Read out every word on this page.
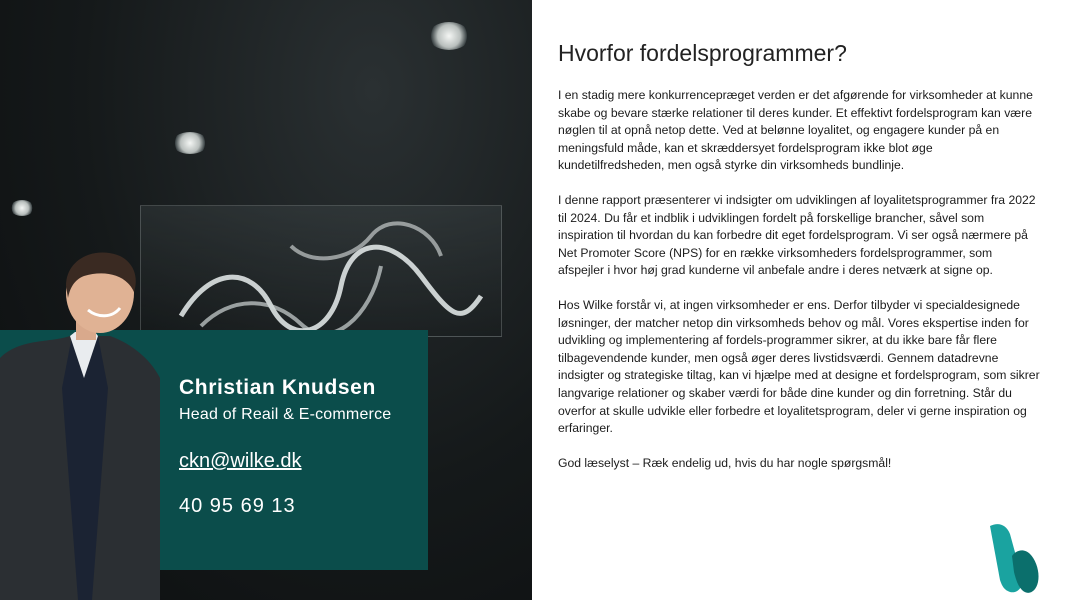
Christian Knudsen
Head of Reail & E-commerce
ckn@wilke.dk
40 95 69 13
Hvorfor fordelsprogrammer?

I en stadig mere konkurrencepræget verden er det afgørende for virksomheder at kunne skabe og bevare stærke relationer til deres kunder. Et effektivt fordelsprogram kan være nøglen til at opnå netop dette. Ved at belønne loyalitet, og engagere kunder på en meningsfuld måde, kan et skræddersyet fordelsprogram ikke blot øge kundetilfredsheden, men også styrke din virksomheds bundlinje.

I denne rapport præsenterer vi indsigter om udviklingen af loyalitetsprogrammer fra 2022 til 2024. Du får et indblik i udviklingen fordelt på forskellige brancher, såvel som inspiration til hvordan du kan forbedre dit eget fordelsprogram. Vi ser også nærmere på Net Promoter Score (NPS) for en række virksomheders fordelsprogrammer, som afspejler i hvor høj grad kunderne vil anbefale andre i deres netværk at signe op.

Hos Wilke forstår vi, at ingen virksomheder er ens. Derfor tilbyder vi specialdesignede løsninger, der matcher netop din virksomheds behov og mål. Vores ekspertise inden for udvikling og implementering af fordels-programmer sikrer, at du ikke bare får flere tilbagevendende kunder, men også øger deres livstidsværdi. Gennem datadrevne indsigter og strategiske tiltag, kan vi hjælpe med at designe et fordelsprogram, som sikrer langvarige relationer og skaber værdi for både dine kunder og din forretning. Står du overfor at skulle udvikle eller forbedre et loyalitetsprogram, deler vi gerne inspiration og erfaringer.

God læselyst – Ræk endelig ud, hvis du har nogle spørgsmål!
